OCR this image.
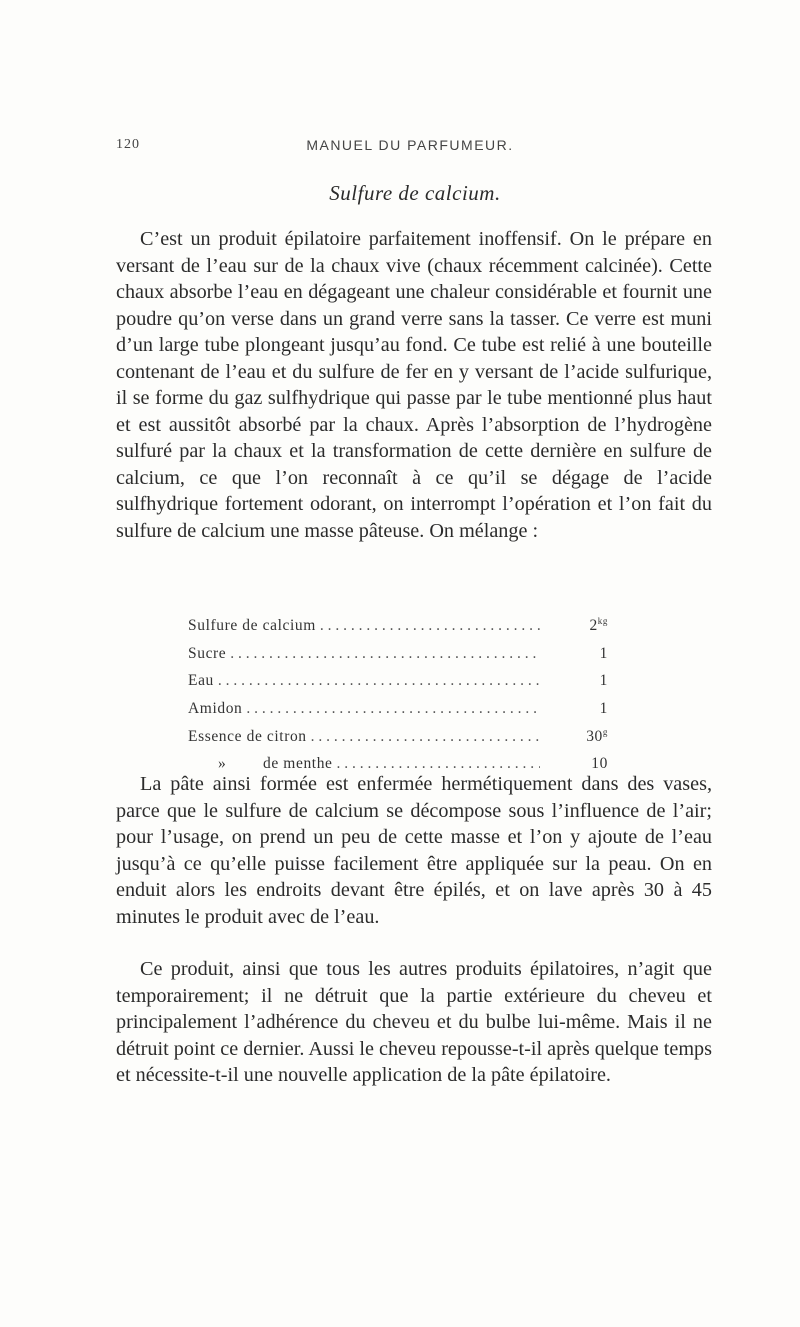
120	MANUEL DU PARFUMEUR.
Sulfure de calcium.

C’est un produit épilatoire parfaitement inoffensif. On le prépare en versant de l’eau sur de la chaux vive (chaux récemment calcinée). Cette chaux absorbe l’eau en dégageant une chaleur considérable et fournit une poudre qu’on verse dans un grand verre sans la tasser. Ce verre est muni d’un large tube plongeant jusqu’au fond. Ce tube est relié à une bouteille contenant de l’eau et du sulfure de fer en y versant de l’acide sulfurique, il se forme du gaz sulfhydrique qui passe par le tube mentionné plus haut et est aussitôt absorbé par la chaux. Après l’absorption de l’hydrogène sulfuré par la chaux et la transformation de cette dernière en sulfure de calcium, ce que l’on reconnaît à ce qu’il se dégage de l’acide sulfhydrique fortement odorant, on interrompt l’opération et l’on fait du sulfure de calcium une masse pâteuse. On mélange :

Sulfure de calcium . . .	$2^{kg}$
Sucre . . .	1
Eau . . .	1
Amidon . . .	1
Essence de citron . . .	30$^g$
» de menthe . . .	10

La pâte ainsi formée est enfermée hermétiquement dans des vases, parce que le sulfure de calcium se décompose sous l’influence de l’air; pour l’usage, on prend un peu de cette masse et l’on y ajoute de l’eau jusqu’à ce qu’elle puisse facilement être appliquée sur la peau. On en enduit alors les endroits devant être épilés, et on lave après 30 à 45 minutes le produit avec de l’eau.

Ce produit, ainsi que tous les autres produits épilatoires, n’agit que temporairement; il ne détruit que la partie extérieure du cheveu et principalement l’adhérence du cheveu et du bulbe lui-même. Mais il ne détruit point ce dernier. Aussi le cheveu repousse-t-il après quelque temps et nécessite-t-il une nouvelle application de la pâte épilatoire.
